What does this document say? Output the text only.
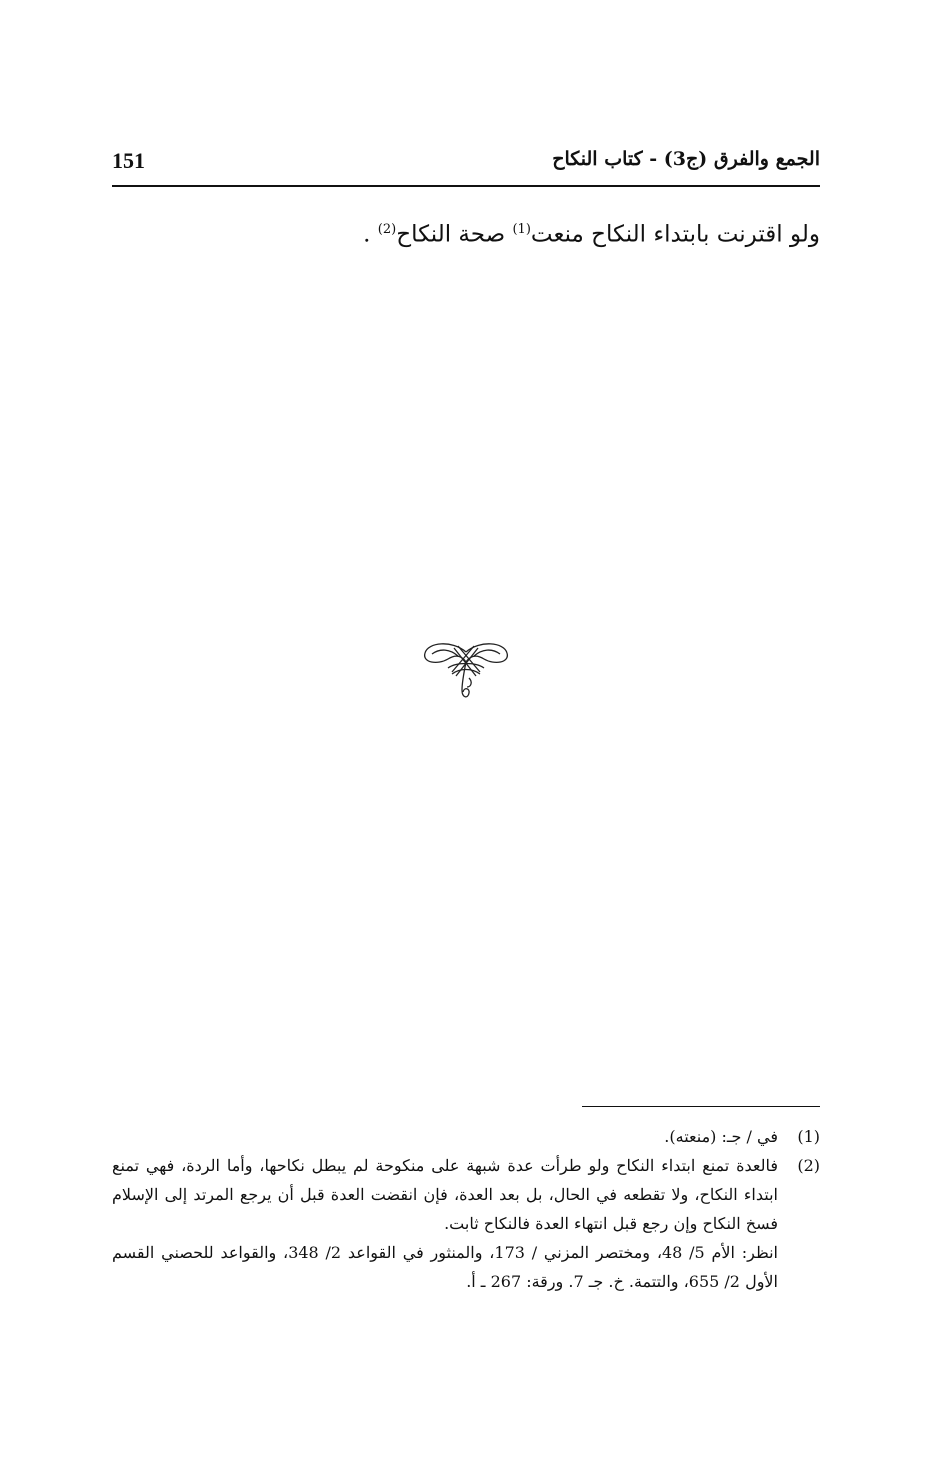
151	الجمع والفرق (ج3) - كتاب النكاح
ولو اقترنت بابتداء النكاح منعت$^{(1)}$ صحة النكاح$^{(2)}$ .
(1)

في / جـ: (منعته).

(2)

فالعدة تمنع ابتداء النكاح ولو طرأت عدة شبهة على منكوحة لم يبطل نكاحها، وأما الردة، فهي تمنع ابتداء النكاح، ولا تقطعه في الحال، بل بعد العدة، فإن انقضت العدة قبل أن يرجع المرتد إلى الإسلام فسخ النكاح وإن رجع قبل انتهاء العدة فالنكاح ثابت.

انظر: الأم 5/ 48، ومختصر المزني / 173، والمنثور في القواعد 2/ 348، والقواعد للحصني القسم الأول 2/ 655، والتتمة. خ. جـ 7. ورقة: 267 ـ أ.
